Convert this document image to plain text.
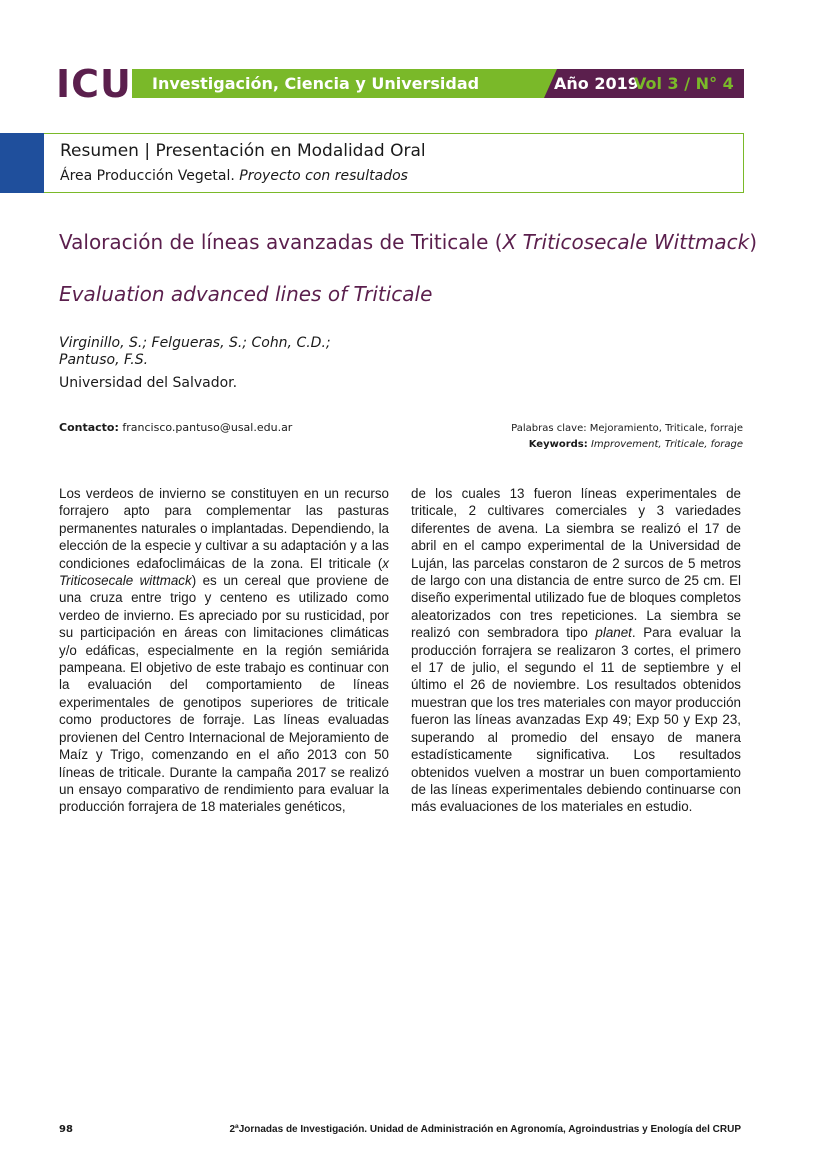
ICU Investigación, Ciencia y Universidad	Año 2019
Vol 3 / N° 4
Resumen | Presentación en Modalidad Oral
Área Producción Vegetal. Proyecto con resultados
Valoración de líneas avanzadas de Triticale (X Triticosecale Wittmack)
Evaluation advanced lines of Triticale
Virginillo, S.; Felgueras, S.; Cohn, C.D.; Pantuso, F.S.
Universidad del Salvador.
Contacto: francisco.pantuso@usal.edu.ar	Palabras clave: Mejoramiento, Triticale, forraje
Keywords: Improvement, Triticale, forage

Los verdeos de invierno se constituyen en un recurso forrajero apto para complementar las pasturas permanentes naturales o implantadas. Dependiendo, la elección de la especie y cultivar a su adaptación y a las condiciones edafoclimáicas de la zona. El triticale (x Triticosecale wittmack) es un cereal que proviene de una cruza entre trigo y centeno es utilizado como verdeo de invierno. Es apreciado por su rusticidad, por su participación en áreas con limitaciones climáticas y/o edáficas, especialmente en la región semiárida pampeana. El objetivo de este trabajo es continuar con la evaluación del comportamiento de líneas experimentales de genotipos superiores de triticale como productores de forraje. Las líneas evaluadas provienen del Centro Internacional de Mejoramiento de Maíz y Trigo, comenzando en el año 2013 con 50 líneas de triticale. Durante la campaña 2017 se realizó un ensayo comparativo de rendimiento para evaluar la producción forrajera de 18 materiales genéticos,

de los cuales 13 fueron líneas experimentales de triticale, 2 cultivares comerciales y 3 variedades diferentes de avena. La siembra se realizó el 17 de abril en el campo experimental de la Universidad de Luján, las parcelas constaron de 2 surcos de 5 metros de largo con una distancia de entre surco de 25 cm. El diseño experimental utilizado fue de bloques completos aleatorizados con tres repeticiones. La siembra se realizó con sembradora tipo planet. Para evaluar la producción forrajera se realizaron 3 cortes, el primero el 17 de julio, el segundo el 11 de septiembre y el último el 26 de noviembre. Los resultados obtenidos muestran que los tres materiales con mayor producción fueron las líneas avanzadas Exp 49; Exp 50 y Exp 23, superando al promedio del ensayo de manera estadísticamente significativa. Los resultados obtenidos vuelven a mostrar un buen comportamiento de las líneas experimentales debiendo continuarse con más evaluaciones de los materiales en estudio.

98	2ªJornadas de Investigación. Unidad de Administración en Agronomía, Agroindustrias y Enología del CRUP
